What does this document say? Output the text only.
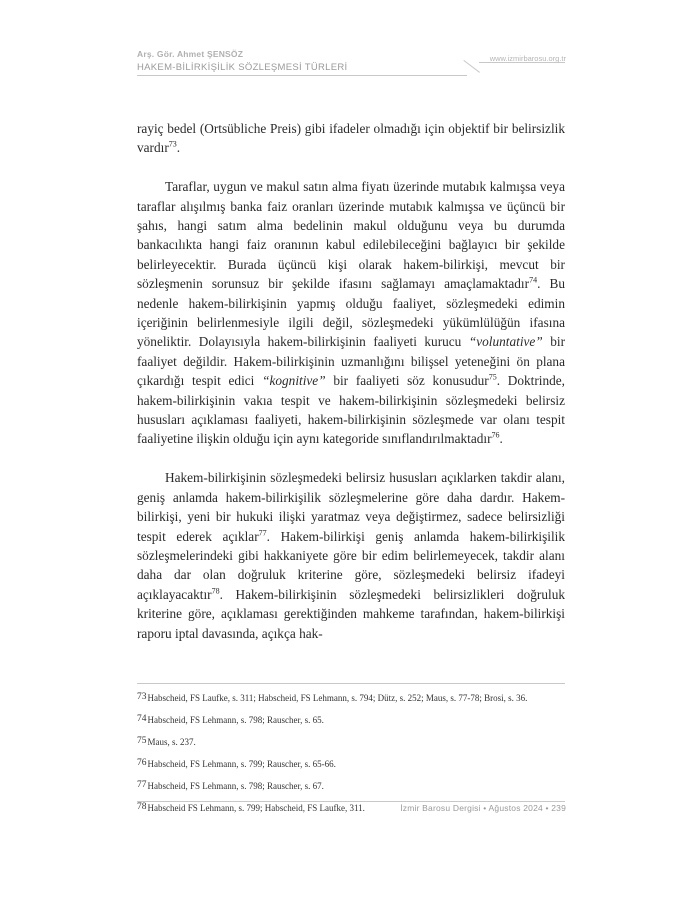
Arş. Gör. Ahmet ŞENSÖZ
HAKEM-BİLİRKİŞİLİK SÖZLEŞMESİ TÜRLERİ
www.izmirbarosu.org.tr

rayiç bedel (Ortsübliche Preis) gibi ifadeler olmadığı için objektif bir belirsizlik vardır$^{73}$.

Taraflar, uygun ve makul satın alma fiyatı üzerinde mutabık kalmışsa veya taraflar alışılmış banka faiz oranları üzerinde mutabık kalmışsa ve üçüncü bir şahıs, hangi satım alma bedelinin makul olduğunu veya bu durumda bankacılıkta hangi faiz oranının kabul edilebileceğini bağlayıcı bir şekilde belirleyecektir. Burada üçüncü kişi olarak hakem-bilirkişi, mevcut bir sözleşmenin sorunsuz bir şekilde ifasını sağlamayı amaçlamaktadır$^{74}$. Bu nedenle hakem-bilirkişinin yapmış olduğu faaliyet, sözleşmedeki edimin içeriğinin belirlenmesiyle ilgili değil, sözleşmedeki yükümlülüğün ifasına yöneliktir. Dolayısıyla hakem-bilirkişinin faaliyeti kurucu “voluntative” bir faaliyet değildir. Hakem-bilirkişinin uzmanlığını bilişsel yeteneğini ön plana çıkardığı tespit edici “kognitive” bir faaliyeti söz konusudur$^{75}$. Doktrinde, hakem-bilirkişinin vakıa tespit ve hakem-bilirkişinin sözleşmedeki belirsiz hususları açıklaması faaliyeti, hakem-bilirkişinin sözleşmede var olanı tespit faaliyetine ilişkin olduğu için aynı kategoride sınıflandırılmaktadır$^{76}$.

Hakem-bilirkişinin sözleşmedeki belirsiz hususları açıklarken takdir alanı, geniş anlamda hakem-bilirkişilik sözleşmelerine göre daha dardır. Hakem-bilirkişi, yeni bir hukuki ilişki yaratmaz veya değiştirmez, sadece belirsizliği tespit ederek açıklar$^{77}$. Hakem-bilirkişi geniş anlamda hakem-bilirkişilik sözleşmelerindeki gibi hakkaniyete göre bir edim belirlemeyecek, takdir alanı daha dar olan doğruluk kriterine göre, sözleşmedeki belirsiz ifadeyi açıklayacaktır$^{78}$. Hakem-bilirkişinin sözleşmedeki belirsizlikleri doğruluk kriterine göre, açıklaması gerektiğinden mahkeme tarafından, hakem-bilirkişi raporu iptal davasında, açıkça hak-

73Habscheid, FS Laufke, s. 311; Habscheid, FS Lehmann, s. 794; Dütz, s. 252; Maus, s. 77-78; Brosi, s. 36.
74Habscheid, FS Lehmann, s. 798; Rauscher, s. 65.
75Maus, s. 237.
76Habscheid, FS Lehmann, s. 799; Rauscher, s. 65-66.
77Habscheid, FS Lehmann, s. 798; Rauscher, s. 67.
78Habscheid FS Lehmann, s. 799; Habscheid, FS Laufke, 311.	İzmir Barosu Dergisi • Ağustos 2024 • 239
